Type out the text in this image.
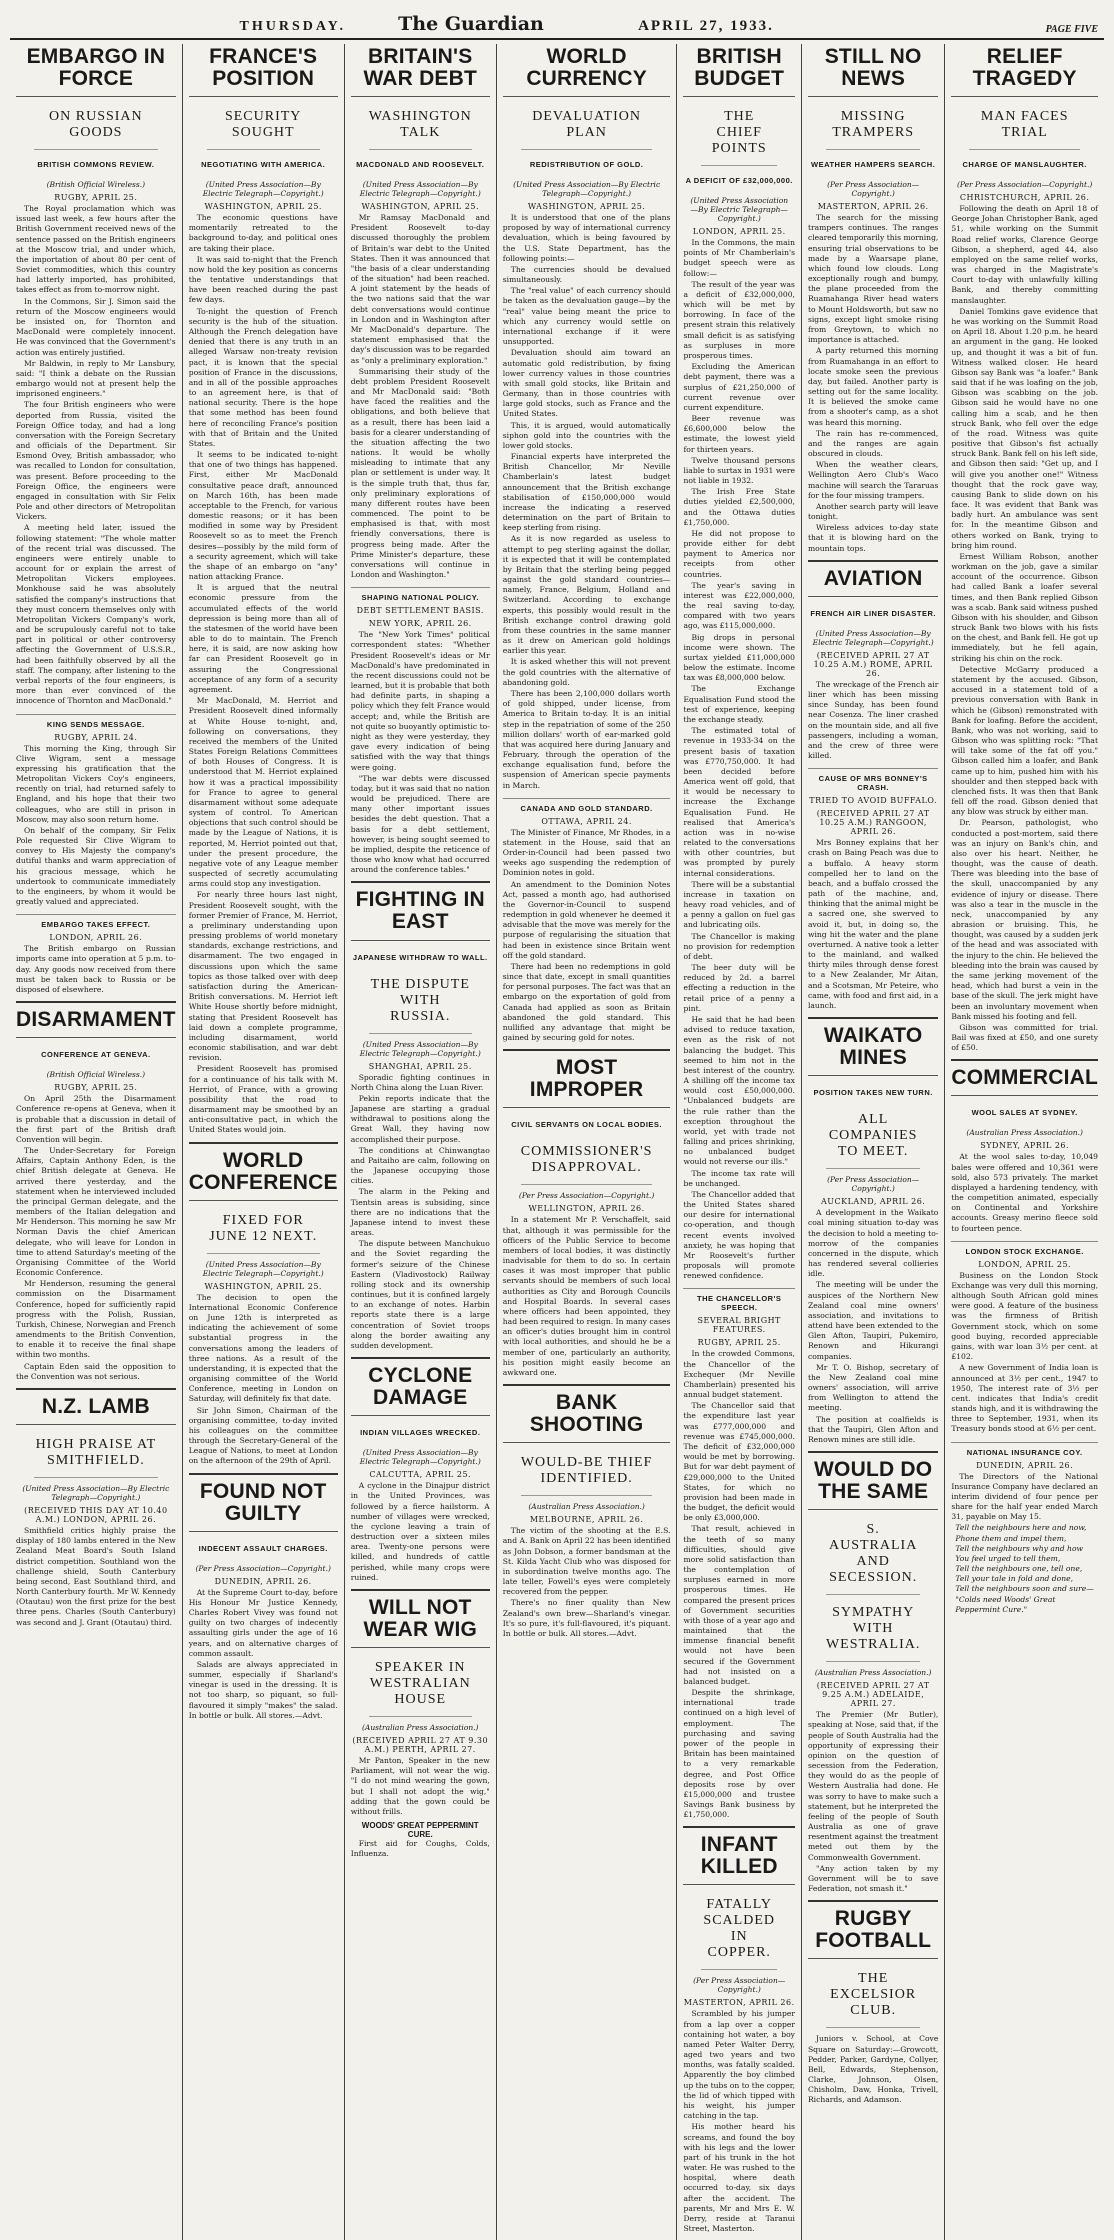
THURSDAY.	The Guardian	APRIL 27, 1933.	PAGE FIVE
EMBARGO IN FORCE
ON RUSSIAN GOODS
BRITISH COMMONS REVIEW.
(British Official Wireless.)
RUGBY, APRIL 25.

The Royal proclamation which was issued last week, a few hours after the British Government received news of the sentence passed on the British engineers at the Moscow trial, and under which, the importation of about 80 per cent of Soviet commodities, which this country had latterly imported, has prohibited, takes effect as from to-morrow night.

In the Commons, Sir J. Simon said the return of the Moscow engineers would be insisted on, for Thornton and MacDonald were completely innocent. He was convinced that the Government's action was entirely justified.

Mr Baldwin, in reply to Mr Lansbury, said: "I think a debate on the Russian embargo would not at present help the imprisoned engineers."

The four British engineers who were deported from Russia, visited the Foreign Office today, and had a long conversation with the Foreign Secretary and officials of the Department. Sir Esmond Ovey, British ambassador, who was recalled to London for consultation, was present. Before proceeding to the Foreign Office, the engineers were engaged in consultation with Sir Felix Pole and other directors of Metropolitan Vickers.

A meeting held later, issued the following statement: "The whole matter of the recent trial was discussed. The engineers were entirely unable to account for or explain the arrest of Metropolitan Vickers employees. Monkhouse said he was absolutely satisfied the company's instructions that they must concern themselves only with Metropolitan Vickers Company's work, and be scrupulously careful not to take part in political or other controversy affecting the Government of U.S.S.R., had been faithfully observed by all the staff. The company, after listening to the verbal reports of the four engineers, is more than ever convinced of the innocence of Thornton and MacDonald."

KING SENDS MESSAGE.
RUGBY, APRIL 24.

This morning the King, through Sir Clive Wigram, sent a message expressing his gratification that the Metropolitan Vickers Coy's engineers, recently on trial, had returned safely to England, and his hope that their two colleagues, who are still in prison in Moscow, may also soon return home.

On behalf of the company, Sir Felix Pole requested Sir Clive Wigram to convey to His Majesty the company's dutiful thanks and warm appreciation of his gracious message, which he undertook to communicate immediately to the engineers, by whom it would be greatly valued and appreciated.

EMBARGO TAKES EFFECT.
LONDON, APRIL 26.

The British embargo on Russian imports came into operation at 5 p.m. to-day. Any goods now received from there must be taken back to Russia or be disposed of elsewhere.

DISARMAMENT
CONFERENCE AT GENEVA.
(British Official Wireless.)
RUGBY, APRIL 25.

On April 25th the Disarmament Conference re-opens at Geneva, when it is probable that a discussion in detail of the first part of the British draft Convention will begin.

The Under-Secretary for Foreign Affairs, Captain Anthony Eden, is the chief British delegate at Geneva. He arrived there yesterday, and the statement when he interviewed included the principal German delegate, and the members of the Italian delegation and Mr Henderson. This morning he saw Mr Norman Davis the chief American delegate, who will leave for London in time to attend Saturday's meeting of the Organising Committee of the World Economic Conference.

Mr Henderson, resuming the general commission on the Disarmament Conference, hoped for sufficiently rapid progress with the Polish, Russian, Turkish, Chinese, Norwegian and French amendments to the British Convention, to enable it to receive the final shape within two months.

Captain Eden said the opposition to the Convention was not serious.

N.Z. LAMB
HIGH PRAISE AT SMITHFIELD.
(United Press Association—By Electric Telegraph—Copyright.)
(RECEIVED THIS DAY AT 10.40 A.M.) LONDON, APRIL 26.

Smithfield critics highly praise the display of 180 lambs entered in the New Zealand Meat Board's South Island district competition. Southland won the challenge shield, South Canterbury being second, East Southland third, and North Canterbury fourth. Mr W. Kennedy (Otautau) won the first prize for the best three pens. Charles (South Canterbury) was second and J. Grant (Otautau) third.

FRANCE'S POSITION
SECURITY SOUGHT
NEGOTIATING WITH AMERICA.
(United Press Association—By Electric Telegraph—Copyright.)
WASHINGTON, APRIL 25.

The economic questions have momentarily retreated to the background to-day, and political ones are taking their place.

It was said to-night that the French now hold the key position as concerns the tentative understandings that have been reached during the past few days.

To-night the question of French security is the hub of the situation. Although the French delegation have denied that there is any truth in an alleged Warsaw non-treaty revision pact, it is known that the special position of France in the discussions, and in all of the possible approaches to an agreement here, is that of national security. There is the hope that some method has been found here of reconciling France's position with that of Britain and the United States.

It seems to be indicated to-night that one of two things has happened. First, either Mr MacDonald consultative peace draft, announced on March 16th, has been made acceptable to the French, for various domestic reasons; or it has been modified in some way by President Roosevelt so as to meet the French desires—possibly by the mild form of a security agreement, which will take the shape of an embargo on "any" nation attacking France.

It is argued that the neutral economic pressure from the accumulated effects of the world depression is being more than all of the statesmen of the world have been able to do to maintain. The French here, it is said, are now asking how far can President Roosevelt go in assuring the Congressional acceptance of any form of a security agreement.

Mr MacDonald, M. Herriot and President Roosevelt dined informally at White House to-night, and, following on conversations, they received the members of the United States Foreign Relations Committees of both Houses of Congress. It is understood that M. Herriot explained how it was a practical impossibility for France to agree to general disarmament without some adequate system of control. To American objections that such control should be made by the League of Nations, it is reported, M. Herriot pointed out that, under the present procedure, the negative vote of any League member suspected of secretly accumulating arms could stop any investigation.

For nearly three hours last night, President Roosevelt sought, with the former Premier of France, M. Herriot, a preliminary understanding upon pressing problems of world monetary standards, exchange restrictions, and disarmament. The two engaged in discussions upon which the same topics as those talked over with deep satisfaction during the American-British conversations. M. Herriot left White House shortly before midnight, stating that President Roosevelt has laid down a complete programme, including disarmament, world economic stabilisation, and war debt revision.

President Roosevelt has promised for a continuance of his talk with M. Herriot, of France, with a growing possibility that the road to disarmament may be smoothed by an anti-consultative pact, in which the United States would join.

WORLD CONFERENCE
FIXED FOR JUNE 12 NEXT.
(United Press Association—By Electric Telegraph—Copyright.)
WASHINGTON, APRIL 25.

The decision to open the International Economic Conference on June 12th is interpreted as indicating the achievement of some substantial progress in the conversations among the leaders of three nations. As a result of the understanding, it is expected that the organising committee of the World Conference, meeting in London on Saturday, will definitely fix that date.

Sir John Simon, Chairman of the organising committee, to-day invited his colleagues on the committee through the Secretary-General of the League of Nations, to meet at London on the afternoon of the 29th of April.

FOUND NOT GUILTY
INDECENT ASSAULT CHARGES.
(Per Press Association—Copyright.)
DUNEDIN, APRIL 26.

At the Supreme Court to-day, before His Honour Mr Justice Kennedy, Charles Robert Vivey was found not guilty on two charges of indecently assaulting girls under the age of 16 years, and on alternative charges of common assault.

Salads are always appreciated in summer, especially if Sharland's vinegar is used in the dressing. It is not too sharp, so piquant, so full-flavoured it simply "makes" the salad. In bottle or bulk. All stores.—Advt.

BRITAIN'S WAR DEBT
WASHINGTON TALK
MACDONALD AND ROOSEVELT.
(United Press Association—By Electric Telegraph—Copyright.)
WASHINGTON, APRIL 25.

Mr Ramsay MacDonald and President Roosevelt to-day discussed thoroughly the problem of Britain's war debt to the United States. Then it was announced that "the basis of a clear understanding of the situation" had been reached. A joint statement by the heads of the two nations said that the war debt conversations would continue in London and in Washington after Mr MacDonald's departure. The statement emphasised that the day's discussion was to be regarded as "only a preliminary exploration."

Summarising their study of the debt problem President Roosevelt and Mr MacDonald said: "Both have faced the realities and the obligations, and both believe that as a result, there has been laid a basis for a clearer understanding of the situation affecting the two nations. It would be wholly misleading to intimate that any plan or settlement is under way. It is the simple truth that, thus far, only preliminary explorations of many different routes have been commenced. The point to be emphasised is that, with most friendly conversations, there is progress being made. After the Prime Minister's departure, these conversations will continue in London and Washington."

SHAPING NATIONAL POLICY.
DEBT SETTLEMENT BASIS.
NEW YORK, APRIL 26.

The "New York Times" political correspondent states: "Whether President Roosevelt's ideas or Mr MacDonald's have predominated in the recent discussions could not be learned, but it is probable that both had definite parts, in shaping a policy which they felt France would accept; and, while the British are not quite so buoyantly optimistic to-night as they were yesterday, they gave every indication of being satisfied with the way that things were going.

"The war debts were discussed today, but it was said that no nation would be prejudiced. There are many other important issues besides the debt question. That a basis for a debt settlement, however, is being sought seemed to be implied, despite the reticence of those who know what had occurred around the conference tables."

FIGHTING IN EAST
JAPANESE WITHDRAW TO WALL.
THE DISPUTE WITH RUSSIA.
(United Press Association—By Electric Telegraph—Copyright.)
SHANGHAI, APRIL 25.

Sporadic fighting continues in North China along the Luan River.

Pekin reports indicate that the Japanese are starting a gradual withdrawal to positions along the Great Wall, they having now accomplished their purpose.

The conditions at Chinwangtao and Paitaiho are calm, following on the Japanese occupying those cities.

The alarm in the Peking and Tientsin areas is subsiding, since there are no indications that the Japanese intend to invest these areas.

The dispute between Manchukuo and the Soviet regarding the former's seizure of the Chinese Eastern (Vladivostock) Railway rolling stock and its ownership continues, but it is confined largely to an exchange of notes. Harbin reports state there is a large concentration of Soviet troops along the border awaiting any sudden development.

CYCLONE DAMAGE
INDIAN VILLAGES WRECKED.
(United Press Association—By Electric Telegraph—Copyright.)
CALCUTTA, APRIL 25.

A cyclone in the Dinajpur district in the United Provinces, was followed by a fierce hailstorm. A number of villages were wrecked, the cyclone leaving a train of destruction over a sixteen miles area. Twenty-one persons were killed, and hundreds of cattle perished, while many crops were ruined.

WILL NOT WEAR WIG
SPEAKER IN WESTRALIAN HOUSE
(Australian Press Association.)
(RECEIVED APRIL 27 AT 9.30 A.M.) PERTH, APRIL 27.

Mr Panton, Speaker in the new Parliament, will not wear the wig. "I do not mind wearing the gown, but I shall not adopt the wig," adding that the gown could be without frills.

WOODS' GREAT PEPPERMINT CURE.

First aid for Coughs, Colds, Influenza.

WORLD CURRENCY
DEVALUATION PLAN
REDISTRIBUTION OF GOLD.
(United Press Association—By Electric Telegraph—Copyright.)
WASHINGTON, APRIL 25.

It is understood that one of the plans proposed by way of international currency devaluation, which is being favoured by the U.S. State Department, has the following points:—

The currencies should be devalued simultaneously.

The "real value" of each currency should be taken as the devaluation gauge—by the "real" value being meant the price to which any currency would settle on international exchange if it were unsupported.

Devaluation should aim toward an automatic gold redistribution, by fixing lower currency values in those countries with small gold stocks, like Britain and Germany, than in those countries with large gold stocks, such as France and the United States.

This, it is argued, would automatically siphon gold into the countries with the lower gold stocks.

Financial experts have interpreted the British Chancellor, Mr Neville Chamberlain's latest budget announcement that the British exchange stabilisation of £150,000,000 would increase the indicating a reserved determination on the part of Britain to keep sterling from rising.

As it is now regarded as useless to attempt to peg sterling against the dollar, it is expected that it will be contemplated by Britain that the sterling being pegged against the gold standard countries—namely, France, Belgium, Holland and Switzerland. According to exchange experts, this possibly would result in the British exchange control drawing gold from these countries in the same manner as it drew on American gold holdings earlier this year.

It is asked whether this will not prevent the gold countries with the alternative of abandoning gold.

There has been 2,100,000 dollars worth of gold shipped, under license, from America to Britain to-day. It is an initial step in the repatriation of some of the 250 million dollars' worth of ear-marked gold that was acquired here during January and February, through the operation of the exchange equalisation fund, before the suspension of American specie payments in March.

CANADA AND GOLD STANDARD.
OTTAWA, APRIL 24.

The Minister of Finance, Mr Rhodes, in a statement in the House, said that an Order-in-Council had been passed two weeks ago suspending the redemption of Dominion notes in gold.

An amendment to the Dominion Notes Act, passed a month ago, had authorised the Governor-in-Council to suspend redemption in gold whenever he deemed it advisable that the move was merely for the purpose of regularising the situation that had been in existence since Britain went off the gold standard.

There had been no redemptions in gold since that date, except in small quantities for personal purposes. The fact was that an embargo on the exportation of gold from Canada had applied as soon as Britain abandoned the gold standard. This nullified any advantage that might be gained by securing gold for notes.

MOST IMPROPER
CIVIL SERVANTS ON LOCAL BODIES.
COMMISSIONER'S DISAPPROVAL.
(Per Press Association—Copyright.)
WELLINGTON, APRIL 26.

In a statement Mr P. Verschaffelt, said that, although it was permissible for the officers of the Public Service to become members of local bodies, it was distinctly inadvisable for them to do so. In certain cases it was most improper that public servants should be members of such local authorities as City and Borough Councils and Hospital Boards. In several cases where officers had been appointed, they had been required to resign. In many cases an officer's duties brought him in control with local authorities, and should he be a member of one, particularly an authority, his position might easily become an awkward one.

BANK SHOOTING
WOULD-BE THIEF IDENTIFIED.
(Australian Press Association.)
MELBOURNE, APRIL 26.

The victim of the shooting at the E.S. and A. Bank on April 22 has been identified as John Dobson, a former bandsman at the St. Kilda Yacht Club who was disposed for in subordination twelve months ago. The late teller, Fowell's eyes were completely recovered from the pepper.

There's no finer quality than New Zealand's own brew—Sharland's vinegar. It's so pure, it's full-flavoured, it's piquant. In bottle or bulk. All stores.—Advt.

BRITISH BUDGET
THE CHIEF POINTS
A DEFICIT OF £32,000,000.
(United Press Association—By Electric Telegraph—Copyright.)
LONDON, APRIL 25.

In the Commons, the main points of Mr Chamberlain's budget speech were as follow:—

The result of the year was a deficit of £32,000,000, which will be met by borrowing. In face of the present strain this relatively small deficit is as satisfying as surpluses in more prosperous times.

Excluding the American debt payment, there was a surplus of £21,250,000 of current revenue over current expenditure.

Beer revenue was £6,600,000 below the estimate, the lowest yield for thirteen years.

Twelve thousand persons liable to surtax in 1931 were not liable in 1932.

The Irish Free State duties yielded £2,500,000, and the Ottawa duties £1,750,000.

He did not propose to provide either for debt payment to America nor receipts from other countries.

The year's saving in interest was £22,000,000, the real saving to-day, compared with two years ago, was £115,000,000.

Big drops in personal income were shown. The surtax yielded £11,000,000 below the estimate. Income tax was £8,000,000 below.

The Exchange Equalisation Fund stood the test of experience, keeping the exchange steady.

The estimated total of revenue in 1933-34 on the present basis of taxation was £770,750,000. It had been decided before America went off gold, that it would be necessary to increase the Exchange Equalisation Fund. He realised that America's action was in no-wise related to the conversations with other countries, but was prompted by purely internal considerations.

There will be a substantial increase in taxation on heavy road vehicles, and of a penny a gallon on fuel gas and lubricating oils.

The Chancellor is making no provision for redemption of debt.

The beer duty will be reduced by 2d. a barrel effecting a reduction in the retail price of a penny a pint.

He said that he had been advised to reduce taxation, even as the risk of not balancing the budget. This seemed to him not in the best interest of the country. A shilling off the income tax would cost £50,000,000. "Unbalanced budgets are the rule rather than the exception throughout the world, yet with trade not falling and prices shrinking, no unbalanced budget would not reverse our ills."

The income tax rate will be unchanged.

The Chancellor added that the United States shared our desire for international co-operation, and though recent events involved anxiety, he was hoping that Mr Roosevelt's further proposals will promote renewed confidence.

THE CHANCELLOR'S SPEECH.
SEVERAL BRIGHT FEATURES.
RUGBY, APRIL 25.

In the crowded Commons, the Chancellor of the Exchequer (Mr Neville Chamberlain) presented his annual budget statement.

The Chancellor said that the expenditure last year was £777,000,000 and revenue was £745,000,000. The deficit of £32,000,000 would be met by borrowing. But for war debt payment of £29,000,000 to the United States, for which no provision had been made in the budget, the deficit would be only £3,000,000.

That result, achieved in the teeth of so many difficulties, should give more solid satisfaction than the contemplation of surpluses earned in more prosperous times. He compared the present prices of Government securities with those of a year ago and maintained that the immense financial benefit would not have been secured if the Government had not insisted on a balanced budget.

Despite the shrinkage, international trade continued on a high level of employment. The purchasing and saving power of the people in Britain has been maintained to a very remarkable degree, and Post Office deposits rose by over £15,000,000 and trustee Savings Bank business by £1,750,000.

INFANT KILLED
FATALLY SCALDED IN COPPER.
(Per Press Association—Copyright.)
MASTERTON, APRIL 26.

Scrambled by his jumper from a lap over a copper containing hot water, a boy named Peter Walter Derry, aged two years and two months, was fatally scalded. Apparently the boy climbed up the tubs on to the copper, the lid of which tipped with his weight, his jumper catching in the tap.

His mother heard his screams, and found the boy with his legs and the lower part of his trunk in the hot water. He was rushed to the hospital, where death occurred to-day, six days after the accident. The parents, Mr and Mrs E. W. Derry, reside at Taranui Street, Masterton.

STILL NO NEWS
MISSING TRAMPERS
WEATHER HAMPERS SEARCH.
(Per Press Association—Copyright.)
MASTERTON, APRIL 26.

The search for the missing trampers continues. The ranges cleared temporarily this morning, ensuring trial observations to be made by a Waarsape plane, which found low clouds. Long exceptionally rough and bumpy, the plane proceeded from the Ruamahanga River head waters to Mount Holdsworth, but saw no signs, except light smoke rising from Greytown, to which no importance is attached.

A party returned this morning from Ruamahanga in an effort to locate smoke seen the previous day, but failed. Another party is setting out for the same locality. It is believed the smoke came from a shooter's camp, as a shot was heard this morning.

The rain has re-commenced, and the ranges are again obscured in clouds.

When the weather clears, Wellington Aero Club's Waco machine will search the Tararuas for the four missing trampers.

Another search party will leave tonight.

Wireless advices to-day state that it is blowing hard on the mountain tops.

AVIATION
FRENCH AIR LINER DISASTER.
(United Press Association—By Electric Telegraph—Copyright.)
(RECEIVED APRIL 27 AT 10.25 A.M.) ROME, APRIL 26.

The wreckage of the French air liner which has been missing since Sunday, has been found near Cosenza. The liner crashed on the mountain side, and all five passengers, including a woman, and the crew of three were killed.

CAUSE OF MRS BONNEY'S CRASH.
TRIED TO AVOID BUFFALO.
(RECEIVED APRIL 27 AT 10.25 A.M.) RANGOON, APRIL 26.

Mrs Bonney explains that her crash on Baing Peach was due to a buffalo. A heavy storm compelled her to land on the beach, and a buffalo crossed the path of the machine, and, thinking that the animal might be a sacred one, she swerved to avoid it, but, in doing so, the wing hit the water and the plane overturned. A native took a letter to the mainland, and walked thirty miles through dense forest to a New Zealander, Mr Aitan, and a Scotsman, Mr Peteire, who came, with food and first aid, in a launch.

WAIKATO MINES
POSITION TAKES NEW TURN.
ALL COMPANIES TO MEET.
(Per Press Association—Copyright.)
AUCKLAND, APRIL 26.

A development in the Waikato coal mining situation to-day was the decision to hold a meeting to-morrow of the companies concerned in the dispute, which has rendered several collieries idle.

The meeting will be under the auspices of the Northern New Zealand coal mine owners' association, and invitations to attend have been extended to the Glen Afton, Taupiri, Pukemiro, Renown and Hikurangi companies.

Mr T. O. Bishop, secretary of the New Zealand coal mine owners' association, will arrive from Wellington to attend the meeting.

The position at coalfields is that the Taupiri, Glen Afton and Renown mines are still idle.

WOULD DO THE SAME
S. AUSTRALIA AND SECESSION.
SYMPATHY WITH WESTRALIA.
(Australian Press Association.)
(RECEIVED APRIL 27 AT 9.25 A.M.) ADELAIDE, APRIL 27.

The Premier (Mr Butler), speaking at Nose, said that, if the people of South Australia had the opportunity of expressing their opinion on the question of secession from the Federation, they would do as the people of Western Australia had done. He was sorry to have to make such a statement, but he interpreted the feeling of the people of South Australia as one of grave resentment against the treatment meted out them by the Commonwealth Government.

"Any action taken by my Government will be to save Federation, not smash it."

RUGBY FOOTBALL
THE EXCELSIOR CLUB.

Juniors v. School, at Cove Square on Saturday:—Growcott, Pedder, Parker, Gardyne, Collyer, Bell, Edwards, Stephenson, Clarke, Johnson, Olsen, Chisholm, Daw, Honka, Trivell, Richards, and Adamson.

RELIEF TRAGEDY
MAN FACES TRIAL
CHARGE OF MANSLAUGHTER.
(Per Press Association—Copyright.)
CHRISTCHURCH, APRIL 26.

Following the death on April 18 of George Johan Christopher Bank, aged 51, while working on the Summit Road relief works, Clarence George Gibson, a shepherd, aged 44, also employed on the same relief works, was charged in the Magistrate's Court to-day with unlawfully killing Bank, and thereby committing manslaughter.

Daniel Tomkins gave evidence that he was working on the Summit Road on April 18. About 1.20 p.m. he heard an argument in the gang. He looked up, and thought it was a bit of fun. Witness walked closer. He heard Gibson say Bank was "a loafer." Bank said that if he was loafing on the job, Gibson was scabbing on the job. Gibson said he would have no one calling him a scab, and he then struck Bank, who fell over the edge of the road. Witness was quite positive that Gibson's fist actually struck Bank. Bank fell on his left side, and Gibson then said: "Get up, and I will give you another one!" Witness thought that the rock gave way, causing Bank to slide down on his face. It was evident that Bank was badly hurt. An ambulance was sent for. In the meantime Gibson and others worked on Bank, trying to bring him round.

Ernest William Robson, another workman on the job, gave a similar account of the occurrence. Gibson had called Bank a loafer several times, and then Bank replied Gibson was a scab. Bank said witness pushed Gibson with his shoulder, and Gibson struck Bank two blows with his fists on the chest, and Bank fell. He got up immediately, but he fell again, striking his chin on the rock.

Detective McGarry produced a statement by the accused. Gibson, accused in a statement told of a previous conversation with Bank in which he (Gibson) remonstrated with Bank for loafing. Before the accident, Bank, who was not working, said to Gibson who was splitting rock: "That will take some of the fat off you." Gibson called him a loafer, and Bank came up to him, pushed him with his shoulder and then stepped back with clenched fists. It was then that Bank fell off the road. Gibson denied that any blow was struck by either man.

Dr. Pearson, pathologist, who conducted a post-mortem, said there was an injury on Bank's chin, and also over his heart. Neither, he thought, was the cause of death. There was bleeding into the base of the skull, unaccompanied by any evidence of injury or disease. There was also a tear in the muscle in the neck, unaccompanied by any abrasion or bruising. This, he thought, was caused by a sudden jerk of the head and was associated with the injury to the chin. He believed the bleeding into the brain was caused by the same jerking movement of the head, which had burst a vein in the base of the skull. The jerk might have been an involuntary movement when Bank missed his footing and fell.

Gibson was committed for trial. Bail was fixed at £50, and one surety of £50.

COMMERCIAL
WOOL SALES AT SYDNEY.
(Australian Press Association.)
SYDNEY, APRIL 26.

At the wool sales to-day, 10,049 bales were offered and 10,361 were sold, also 573 privately. The market displayed a hardening tendency, with the competition animated, especially on Continental and Yorkshire accounts. Greasy merino fleece sold to fourteen pence.

LONDON STOCK EXCHANGE.
LONDON, APRIL 25.

Business on the London Stock Exchange was very dull this morning, although South African gold mines were good. A feature of the business was the firmness of British Government stock, which on some good buying, recorded appreciable gains, with war loan 3½ per cent. at £102.

A new Government of India loan is announced at 3½ per cent., 1947 to 1950, The interest rate of 3½ per cent. indicates that India's credit stands high, and it is withdrawing the three to September, 1931, when its Treasury bonds stood at 6½ per cent.

NATIONAL INSURANCE COY.
DUNEDIN, APRIL 26.

The Directors of the National Insurance Company have declared an interim dividend of four pence per share for the half year ended March 31, payable on May 15.

Tell the neighbours here and now,
Phone them and impel them,
Tell the neighbours why and how
You feel urged to tell them,
Tell the neighbours one, tell one,
Tell your tale in fold and done,
Tell the neighbours soon and sure—
"Colds need Woods' Great Peppermint Cure."
